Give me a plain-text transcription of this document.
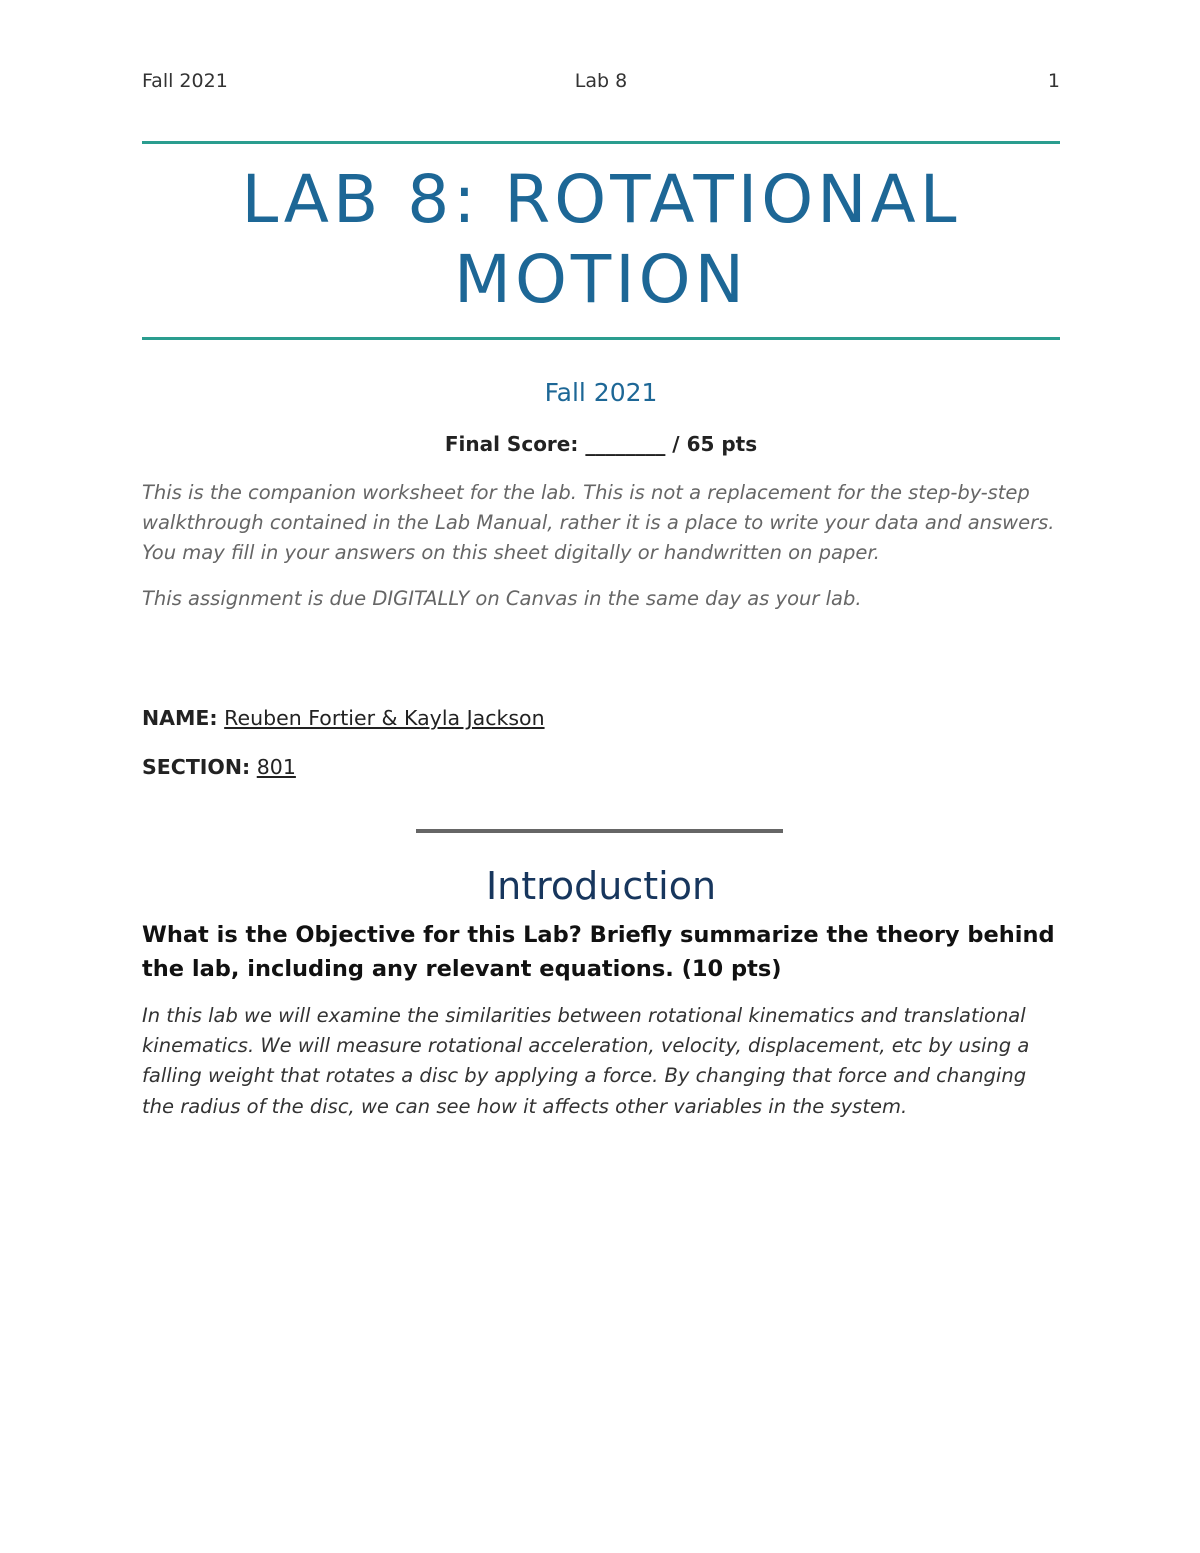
Fall 2021	Lab 8	1
LAB 8: ROTATIONAL
MOTION
Fall 2021
Final Score: ________ / 65 pts

This is the companion worksheet for the lab. This is not a replacement for the step-by-step walkthrough contained in the Lab Manual, rather it is a place to write your data and answers. You may fill in your answers on this sheet digitally or handwritten on paper.

This assignment is due DIGITALLY on Canvas in the same day as your lab.

NAME: Reuben Fortier & Kayla Jackson
SECTION: 801
Introduction

What is the Objective for this Lab? Briefly summarize the theory behind the lab, including any relevant equations. (10 pts)

In this lab we will examine the similarities between rotational kinematics and translational kinematics. We will measure rotational acceleration, velocity, displacement, etc by using a falling weight that rotates a disc by applying a force. By changing that force and changing the radius of the disc, we can see how it affects other variables in the system.
